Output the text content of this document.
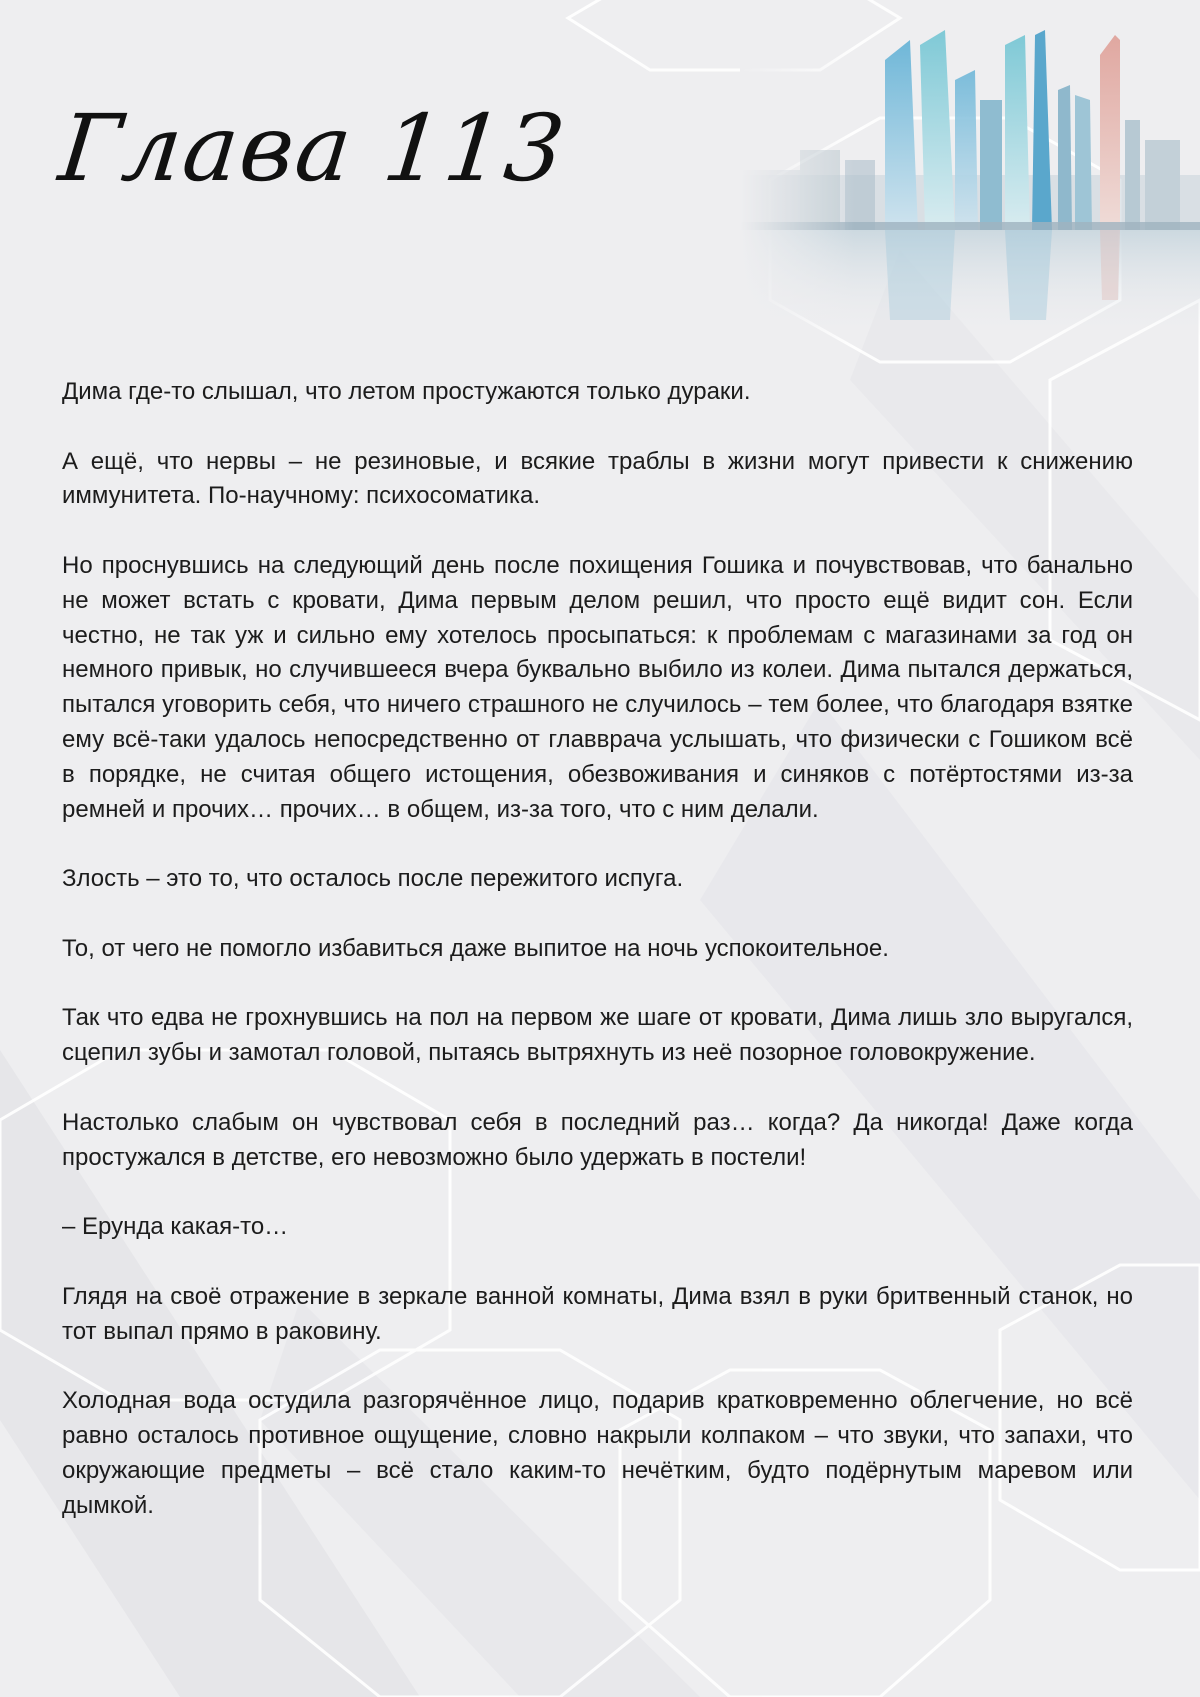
Глава 113

Дима где-то слышал, что летом простужаются только дураки.

А ещё, что нервы – не резиновые, и всякие траблы в жизни могут привести к снижению иммунитета. По-научному: психосоматика.

Но проснувшись на следующий день после похищения Гошика и почувствовав, что банально не может встать с кровати, Дима первым делом решил, что просто ещё видит сон. Если честно, не так уж и сильно ему хотелось просыпаться: к проблемам с магазинами за год он немного привык, но случившееся вчера буквально выбило из колеи. Дима пытался держаться, пытался уговорить себя, что ничего страшного не случилось – тем более, что благодаря взятке ему всё-таки удалось непосредственно от главврача услышать, что физически с Гошиком всё в порядке, не считая общего истощения, обезвоживания и синяков с потёртостями из-за ремней и прочих… прочих… в общем, из-за того, что с ним делали.

Злость – это то, что осталось после пережитого испуга.

То, от чего не помогло избавиться даже выпитое на ночь успокоительное.

Так что едва не грохнувшись на пол на первом же шаге от кровати, Дима лишь зло выругался, сцепил зубы и замотал головой, пытаясь вытряхнуть из неё позорное головокружение.

Настолько слабым он чувствовал себя в последний раз… когда? Да никогда! Даже когда простужался в детстве, его невозможно было удержать в постели!

– Ерунда какая-то…

Глядя на своё отражение в зеркале ванной комнаты, Дима взял в руки бритвенный станок, но тот выпал прямо в раковину.

Холодная вода остудила разгорячённое лицо, подарив кратковременно облегчение, но всё равно осталось противное ощущение, словно накрыли колпаком – что звуки, что запахи, что окружающие предметы – всё стало каким-то нечётким, будто подёрнутым маревом или дымкой.
